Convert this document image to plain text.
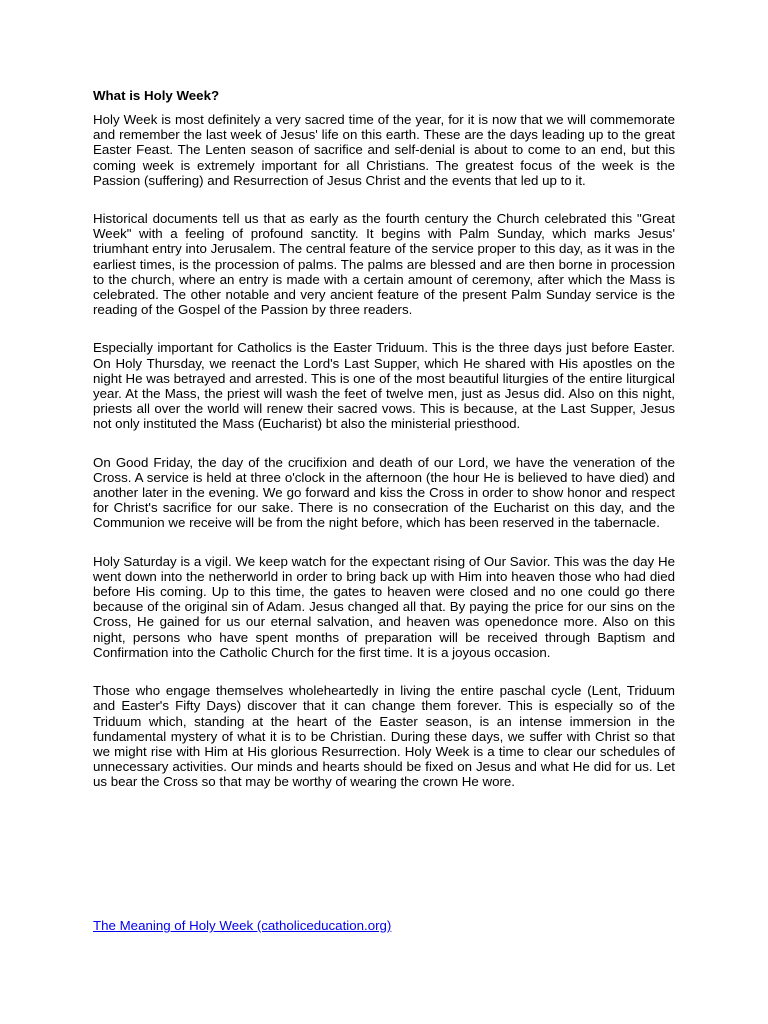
What is Holy Week?

Holy Week is most definitely a very sacred time of the year, for it is now that we will commemorate and remember the last week of Jesus' life on this earth. These are the days leading up to the great Easter Feast. The Lenten season of sacrifice and self-denial is about to come to an end, but this coming week is extremely important for all Christians. The greatest focus of the week is the Passion (suffering) and Resurrection of Jesus Christ and the events that led up to it.

Historical documents tell us that as early as the fourth century the Church celebrated this "Great Week" with a feeling of profound sanctity. It begins with Palm Sunday, which marks Jesus' triumhant entry into Jerusalem. The central feature of the service proper to this day, as it was in the earliest times, is the procession of palms. The palms are blessed and are then borne in procession to the church, where an entry is made with a certain amount of ceremony, after which the Mass is celebrated. The other notable and very ancient feature of the present Palm Sunday service is the reading of the Gospel of the Passion by three readers.

Especially important for Catholics is the Easter Triduum. This is the three days just before Easter. On Holy Thursday, we reenact the Lord's Last Supper, which He shared with His apostles on the night He was betrayed and arrested. This is one of the most beautiful liturgies of the entire liturgical year. At the Mass, the priest will wash the feet of twelve men, just as Jesus did. Also on this night, priests all over the world will renew their sacred vows. This is because, at the Last Supper, Jesus not only instituted the Mass (Eucharist) bt also the ministerial priesthood.

On Good Friday, the day of the crucifixion and death of our Lord, we have the veneration of the Cross. A service is held at three o'clock in the afternoon (the hour He is believed to have died) and another later in the evening. We go forward and kiss the Cross in order to show honor and respect for Christ's sacrifice for our sake. There is no consecration of the Eucharist on this day, and the Communion we receive will be from the night before, which has been reserved in the tabernacle.

Holy Saturday is a vigil. We keep watch for the expectant rising of Our Savior. This was the day He went down into the netherworld in order to bring back up with Him into heaven those who had died before His coming. Up to this time, the gates to heaven were closed and no one could go there because of the original sin of Adam. Jesus changed all that. By paying the price for our sins on the Cross, He gained for us our eternal salvation, and heaven was openedonce more. Also on this night, persons who have spent months of preparation will be received through Baptism and Confirmation into the Catholic Church for the first time. It is a joyous occasion.

Those who engage themselves wholeheartedly in living the entire paschal cycle (Lent, Triduum and Easter's Fifty Days) discover that it can change them forever. This is especially so of the Triduum which, standing at the heart of the Easter season, is an intense immersion in the fundamental mystery of what it is to be Christian. During these days, we suffer with Christ so that we might rise with Him at His glorious Resurrection. Holy Week is a time to clear our schedules of unnecessary activities. Our minds and hearts should be fixed on Jesus and what He did for us. Let us bear the Cross so that may be worthy of wearing the crown He wore.

The Meaning of Holy Week (catholiceducation.org)
